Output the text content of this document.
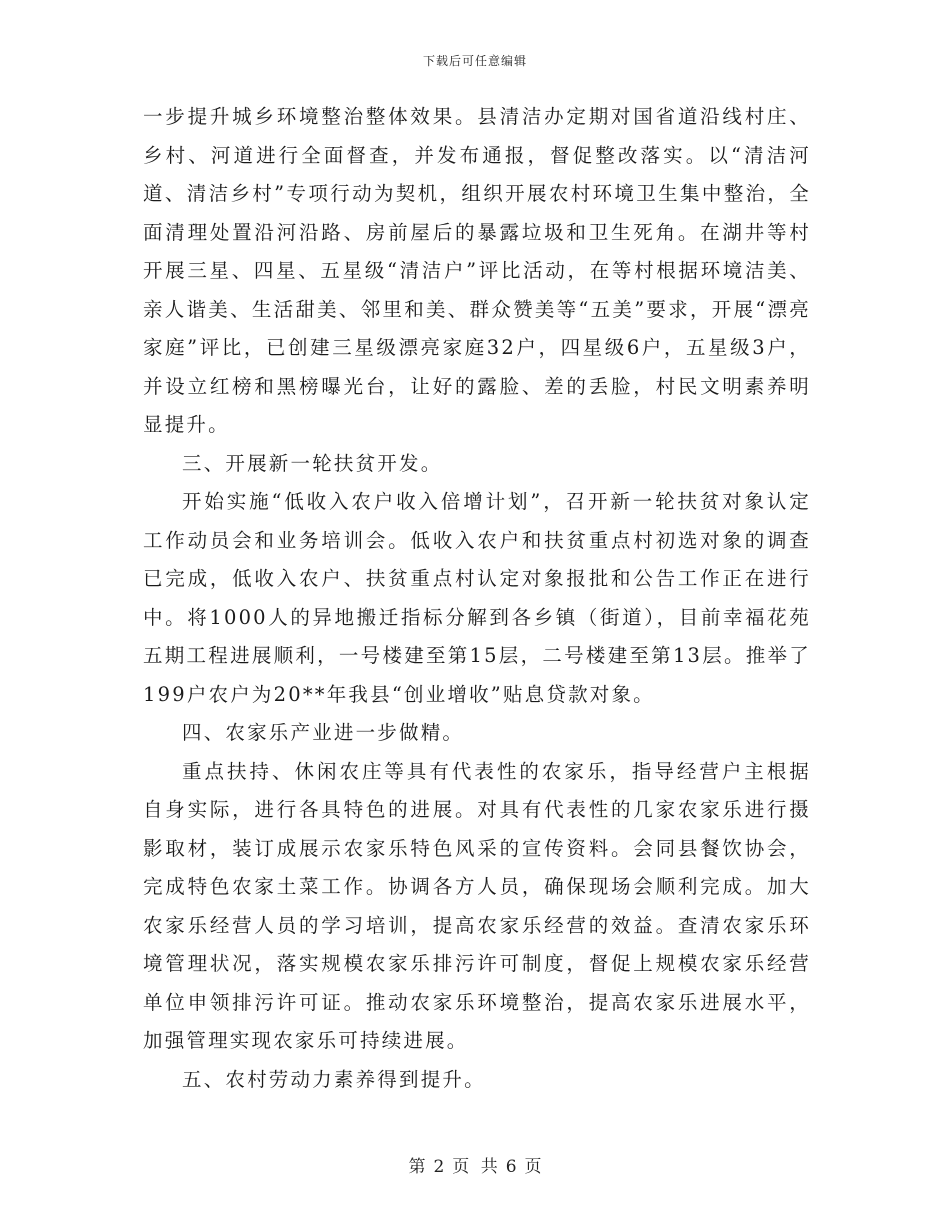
下载后可任意编辑

一步提升城乡环境整治整体效果。县清洁办定期对国省道沿线村庄、乡村、河道进行全面督查，并发布通报，督促整改落实。以“清洁河道、清洁乡村”专项行动为契机，组织开展农村环境卫生集中整治，全面清理处置沿河沿路、房前屋后的暴露垃圾和卫生死角。在湖井等村开展三星、四星、五星级“清洁户”评比活动，在等村根据环境洁美、亲人谐美、生活甜美、邻里和美、群众赞美等“五美”要求，开展“漂亮家庭”评比，已创建三星级漂亮家庭32户，四星级6户，五星级3户，并设立红榜和黑榜曝光台，让好的露脸、差的丢脸，村民文明素养明显提升。

三、开展新一轮扶贫开发。

开始实施“低收入农户收入倍增计划”，召开新一轮扶贫对象认定工作动员会和业务培训会。低收入农户和扶贫重点村初选对象的调查已完成，低收入农户、扶贫重点村认定对象报批和公告工作正在进行中。将1000人的异地搬迁指标分解到各乡镇（街道），目前幸福花苑五期工程进展顺利，一号楼建至第15层，二号楼建至第13层。推举了199户农户为20**年我县“创业增收”贴息贷款对象。

四、农家乐产业进一步做精。

重点扶持、休闲农庄等具有代表性的农家乐，指导经营户主根据自身实际，进行各具特色的进展。对具有代表性的几家农家乐进行摄影取材，装订成展示农家乐特色风采的宣传资料。会同县餐饮协会，完成特色农家土菜工作。协调各方人员，确保现场会顺利完成。加大农家乐经营人员的学习培训，提高农家乐经营的效益。查清农家乐环境管理状况，落实规模农家乐排污许可制度，督促上规模农家乐经营单位申领排污许可证。推动农家乐环境整治，提高农家乐进展水平，加强管理实现农家乐可持续进展。

五、农村劳动力素养得到提升。

第 2 页 共 6 页
